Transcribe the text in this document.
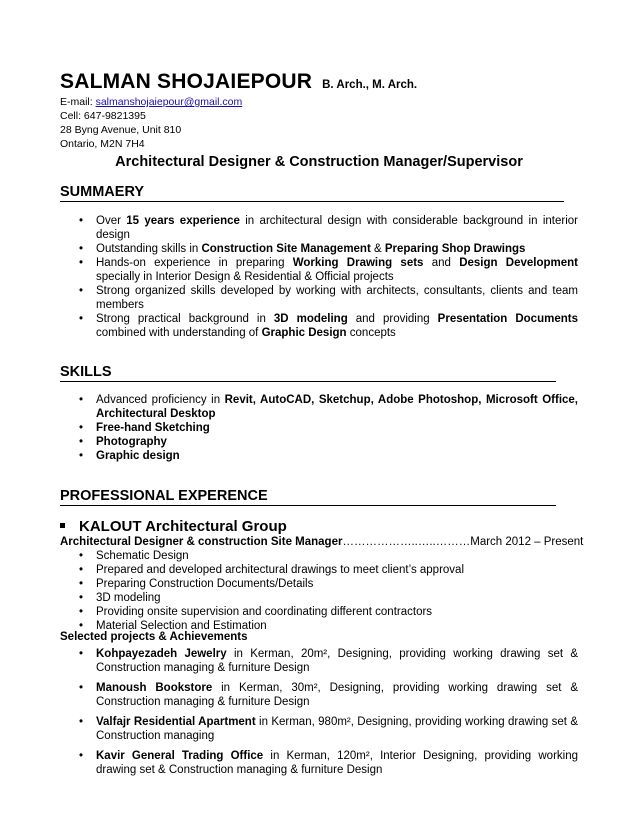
SALMAN SHOJAIEPOUR B. Arch., M. Arch.
E-mail: salmanshojaiepour@gmail.com
Cell: 647-9821395
28 Byng Avenue, Unit 810
Ontario, M2N 7H4
Architectural Designer & Construction Manager/Supervisor
SUMMAERY
• Over 15 years experience in architectural design with considerable background in interior design
• Outstanding skills in Construction Site Management & Preparing Shop Drawings
• Hands-on experience in preparing Working Drawing sets and Design Development specially in Interior Design & Residential & Official projects
• Strong organized skills developed by working with architects, consultants, clients and team members
• Strong practical background in 3D modeling and providing Presentation Documents combined with understanding of Graphic Design concepts
SKILLS
• Advanced proficiency in Revit, AutoCAD, Sketchup, Adobe Photoshop, Microsoft Office, Architectural Desktop
• Free-hand Sketching
• Photography
• Graphic design
PROFESSIONAL EXPERENCE
KALOUT Architectural Group
Architectural Designer & construction Site Manager………………..…..………March 2012 – Present
• Schematic Design
• Prepared and developed architectural drawings to meet client’s approval
• Preparing Construction Documents/Details
• 3D modeling
• Providing onsite supervision and coordinating different contractors
• Material Selection and Estimation
Selected projects & Achievements
• Kohpayezadeh Jewelry in Kerman, 20m², Designing, providing working drawing set & Construction managing & furniture Design
• Manoush Bookstore in Kerman, 30m², Designing, providing working drawing set & Construction managing & furniture Design
• Valfajr Residential Apartment in Kerman, 980m², Designing, providing working drawing set & Construction managing
• Kavir General Trading Office in Kerman, 120m², Interior Designing, providing working drawing set & Construction managing & furniture Design
